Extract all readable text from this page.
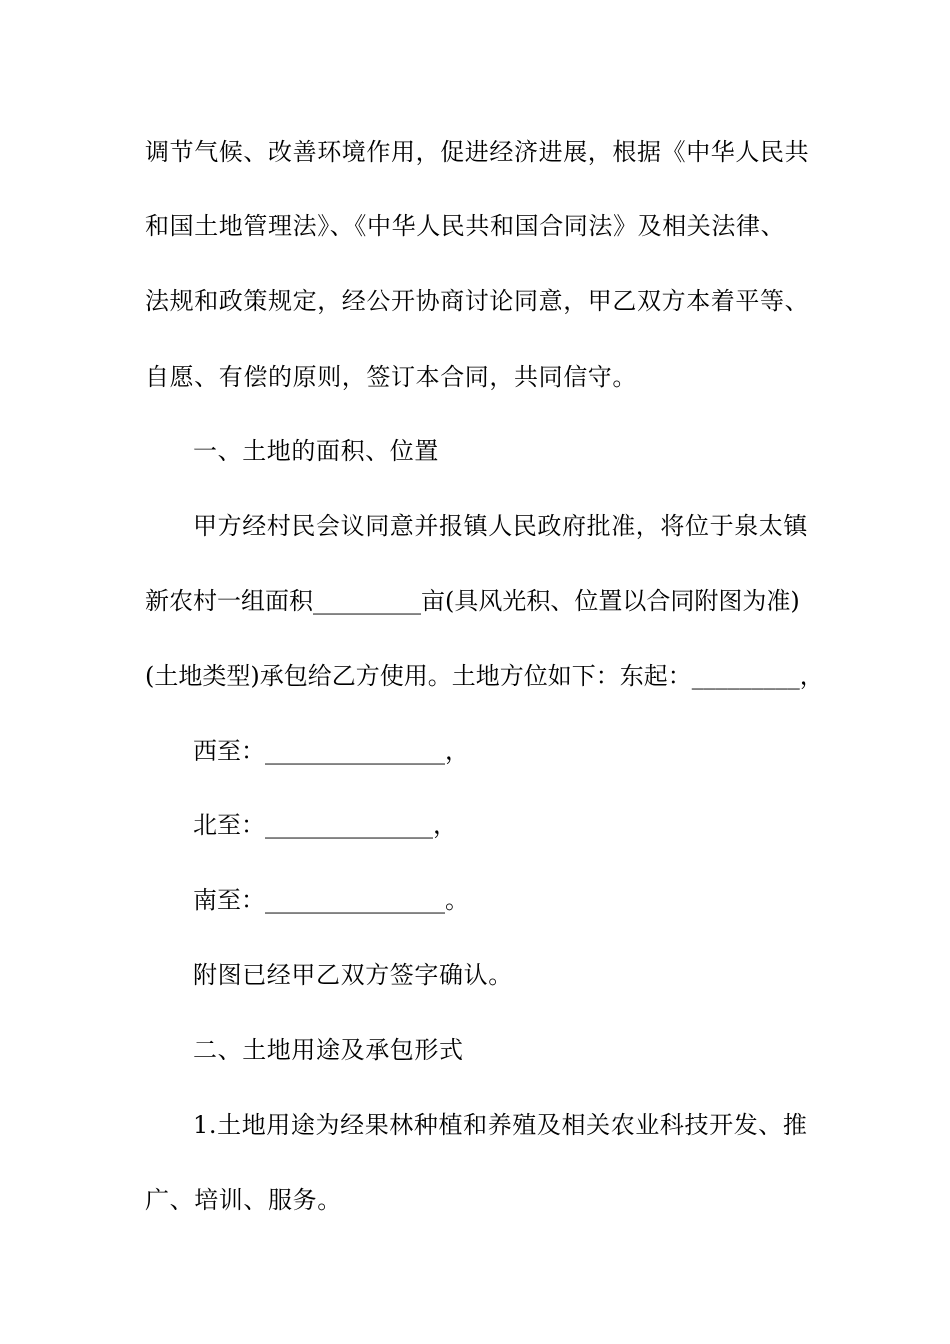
调节气候、改善环境作用，促进经济进展，根据《中华人民共
和国土地管理法》、《中华人民共和国合同法》及相关法律、
法规和政策规定，经公开协商讨论同意，甲乙双方本着平等、
自愿、有偿的原则，签订本合同，共同信守。
一、土地的面积、位置
甲方经村民会议同意并报镇人民政府批准，将位于泉太镇
新农村一组面积_________亩(具风光积、位置以合同附图为准)
(土地类型)承包给乙方使用。土地方位如下：东起：_________，
西至：_______________，
北至：______________，
南至：_______________。
附图已经甲乙双方签字确认。
二、土地用途及承包形式
1.土地用途为经果林种植和养殖及相关农业科技开发、推
广、培训、服务。
